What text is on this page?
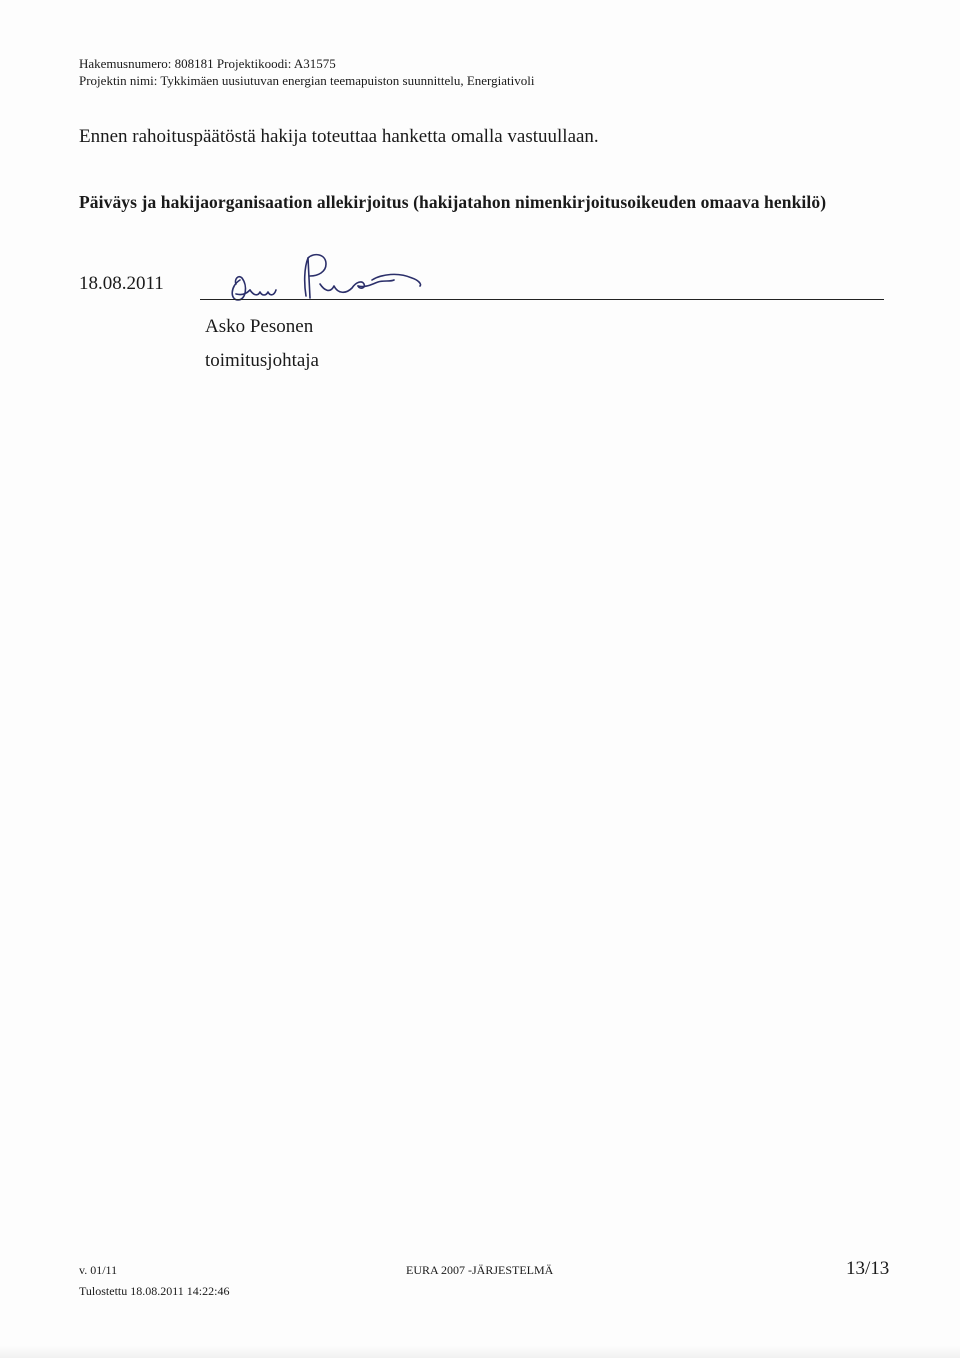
Hakemusnumero: 808181 Projektikoodi: A31575
Projektin nimi: Tykkimäen uusiutuvan energian teemapuiston suunnittelu, Energiativoli
Ennen rahoituspäätöstä hakija toteuttaa hanketta omalla vastuullaan.
Päiväys ja hakijaorganisaation allekirjoitus (hakijatahon nimenkirjoitusoikeuden omaava henkilö)
18.08.2011
Asko Pesonen
toimitusjohtaja
v. 01/11
Tulostettu 18.08.2011 14:22:46
EURA 2007 -JÄRJESTELMÄ	13/13
